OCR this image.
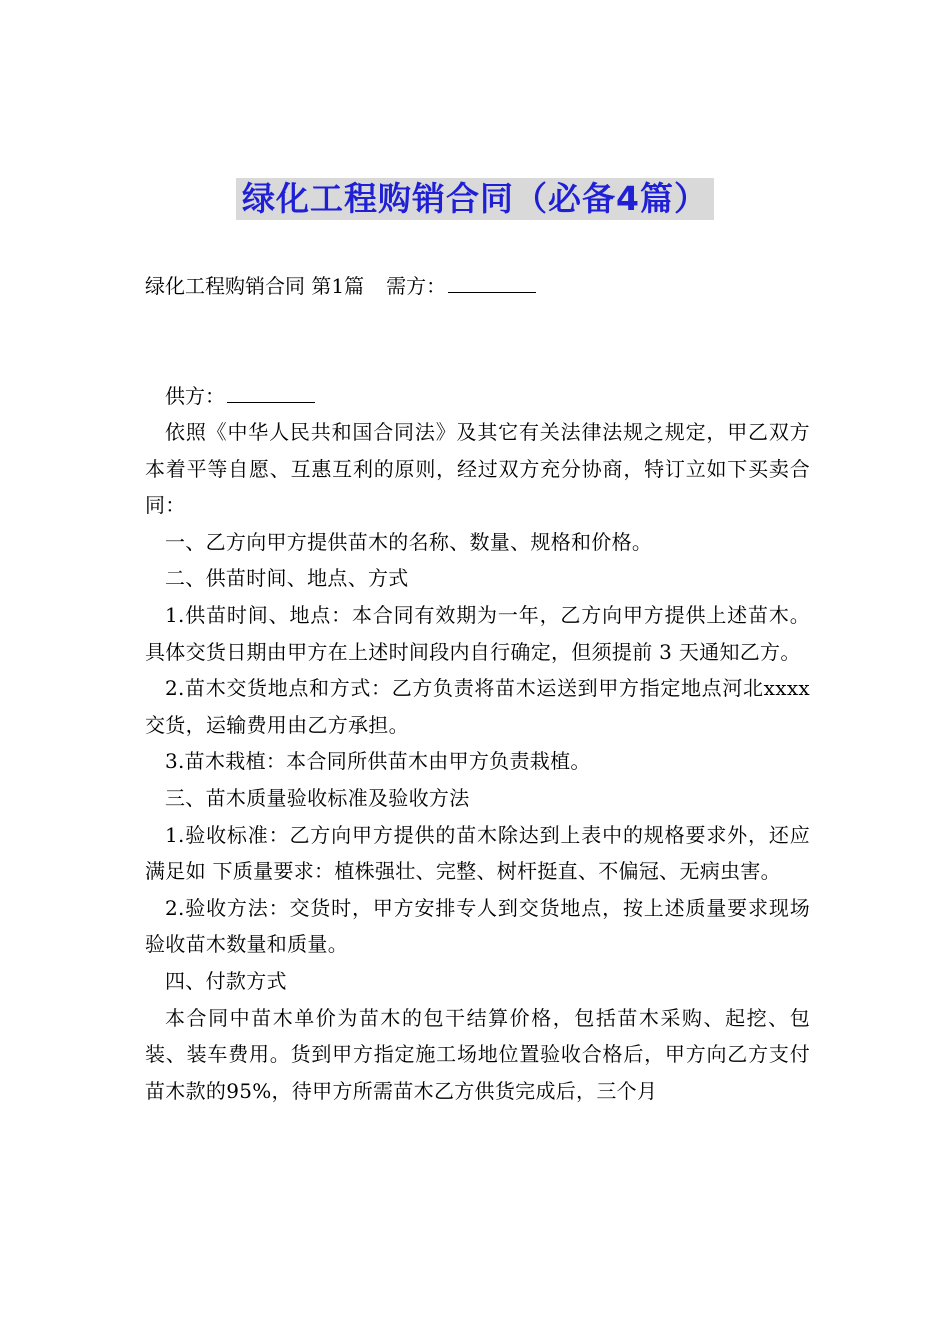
绿化工程购销合同（必备4篇）
绿化工程购销合同 第1篇 需方：
供方：

依照《中华人民共和国合同法》及其它有关法律法规之规定，甲乙双方本着平等自愿、互惠互利的原则，经过双方充分协商，特订立如下买卖合同：

一、乙方向甲方提供苗木的名称、数量、规格和价格。

二、供苗时间、地点、方式

1.供苗时间、地点：本合同有效期为一年，乙方向甲方提供上述苗木。具体交货日期由甲方在上述时间段内自行确定，但须提前 3 天通知乙方。

2.苗木交货地点和方式：乙方负责将苗木运送到甲方指定地点河北xxxx交货，运输费用由乙方承担。

3.苗木栽植：本合同所供苗木由甲方负责栽植。

三、苗木质量验收标准及验收方法

1.验收标准：乙方向甲方提供的苗木除达到上表中的规格要求外，还应满足如 下质量要求：植株强壮、完整、树杆挺直、不偏冠、无病虫害。

2.验收方法：交货时，甲方安排专人到交货地点，按上述质量要求现场验收苗木数量和质量。

四、付款方式

本合同中苗木单价为苗木的包干结算价格，包括苗木采购、起挖、包装、装车费用。货到甲方指定施工场地位置验收合格后，甲方向乙方支付苗木款的95%，待甲方所需苗木乙方供货完成后，三个月
